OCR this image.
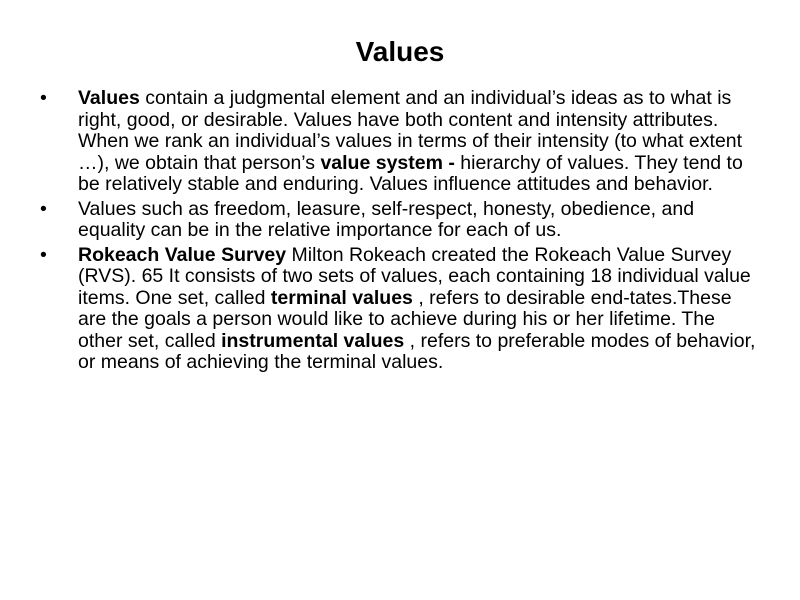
Values
•	Values contain a judgmental element and an individual’s ideas as to what is right, good, or desirable. Values have both content and intensity attributes. When we rank an individual’s values in terms of their intensity (to what extent …), we obtain that person’s value system - hierarchy of values. They tend to be relatively stable and enduring. Values influence attitudes and behavior.
•	Values such as freedom, leasure, self-respect, honesty, obedience, and equality can be in the relative importance for each of us.
•	Rokeach Value Survey Milton Rokeach created the Rokeach Value Survey (RVS). 65 It consists of two sets of values, each containing 18 individual value items. One set, called terminal values , refers to desirable end-tates.These are the goals a person would like to achieve during his or her lifetime. The other set, called instrumental values , refers to preferable modes of behavior, or means of achieving the terminal values.
